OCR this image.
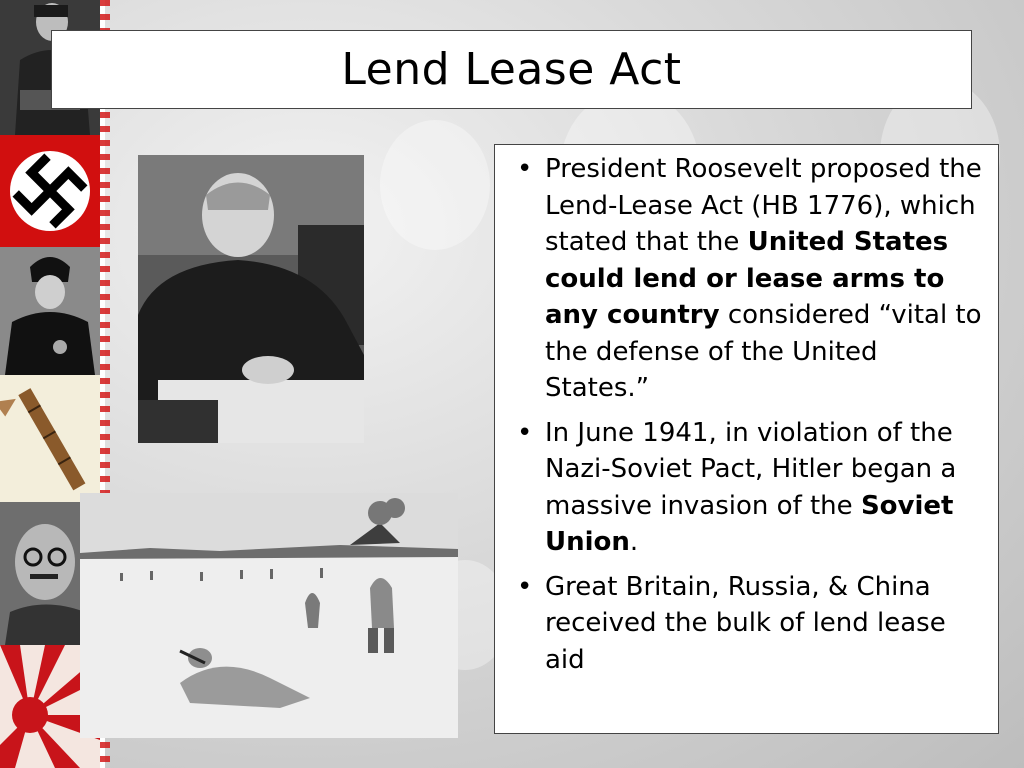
Lend Lease Act
• President Roosevelt proposed the Lend-Lease Act (HB 1776), which stated that the United States could lend or lease arms to any country considered “vital to the defense of the United States.”
• In June 1941, in violation of the Nazi-Soviet Pact, Hitler began a massive invasion of the Soviet Union.
• Great Britain, Russia, & China received the bulk of lend lease aid
